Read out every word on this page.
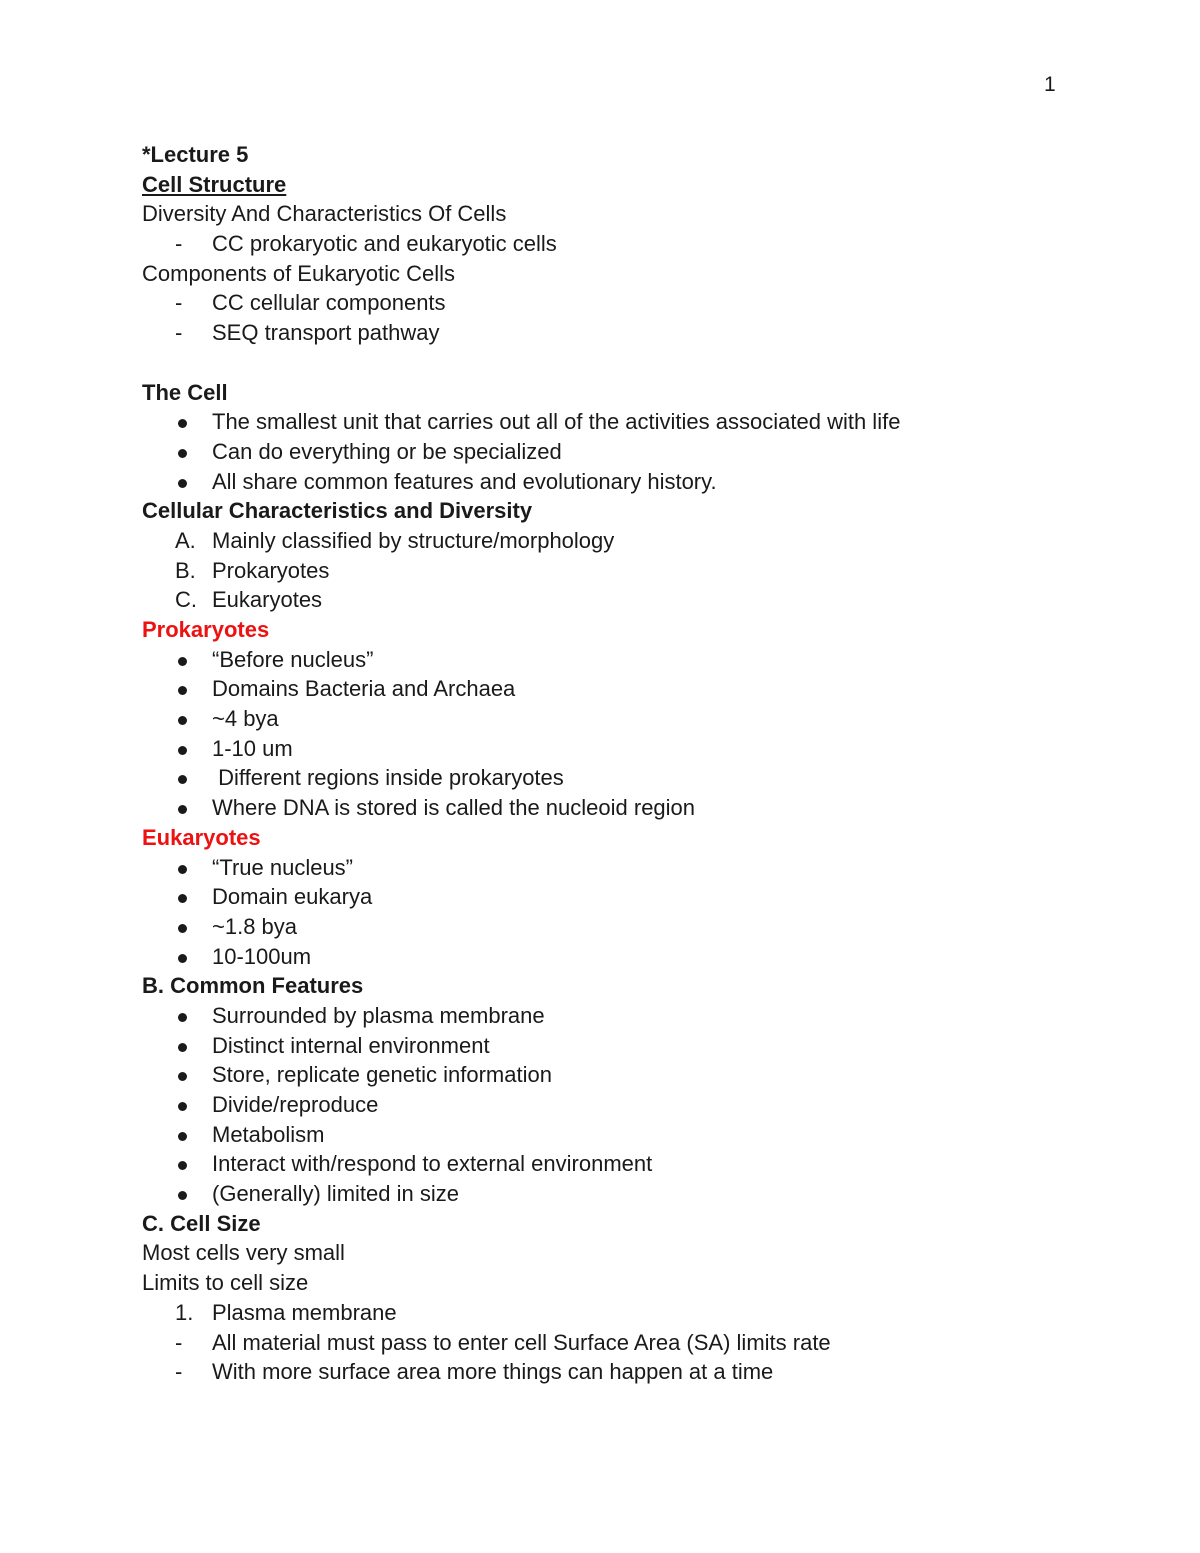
1
*Lecture 5
Cell Structure
Diversity And Characteristics Of Cells
-	CC prokaryotic and eukaryotic cells
Components of Eukaryotic Cells
-	CC cellular components
-	SEQ transport pathway
The Cell
The smallest unit that carries out all of the activities associated with life
Can do everything or be specialized
All share common features and evolutionary history.
Cellular Characteristics and Diversity
A. Mainly classified by structure/morphology
B. Prokaryotes
C. Eukaryotes
Prokaryotes
“Before nucleus”
Domains Bacteria and Archaea
~4 bya
1-10 um
Different regions inside prokaryotes
Where DNA is stored is called the nucleoid region
Eukaryotes
“True nucleus”
Domain eukarya
~1.8 bya
10-100um
B. Common Features
Surrounded by plasma membrane
Distinct internal environment
Store, replicate genetic information
Divide/reproduce
Metabolism
Interact with/respond to external environment
(Generally) limited in size
C. Cell Size
Most cells very small
Limits to cell size
1. Plasma membrane
-	All material must pass to enter cell Surface Area (SA) limits rate
-	With more surface area more things can happen at a time
